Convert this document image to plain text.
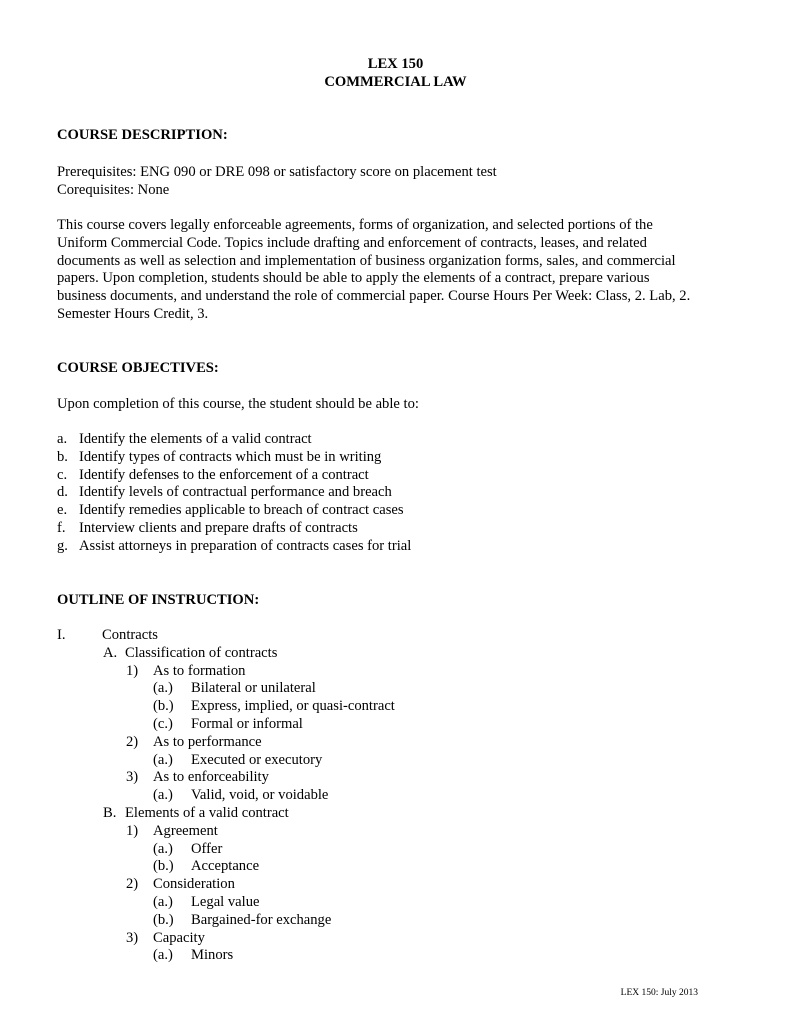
LEX 150
COMMERCIAL LAW
COURSE DESCRIPTION:
Prerequisites: ENG 090 or DRE 098 or satisfactory score on placement test
Corequisites: None

This course covers legally enforceable agreements, forms of organization, and selected portions of the

Uniform Commercial Code. Topics include drafting and enforcement of contracts, leases, and related

documents as well as selection and implementation of business organization forms, sales, and commercial

papers. Upon completion, students should be able to apply the elements of a contract, prepare various

business documents, and understand the role of commercial paper. Course Hours Per Week: Class, 2. Lab, 2.

Semester Hours Credit, 3.

COURSE OBJECTIVES:
Upon completion of this course, the student should be able to:
a. Identify the elements of a valid contract
b. Identify types of contracts which must be in writing
c. Identify defenses to the enforcement of a contract
d. Identify levels of contractual performance and breach
e. Identify remedies applicable to breach of contract cases
f. Interview clients and prepare drafts of contracts
g. Assist attorneys in preparation of contracts cases for trial
OUTLINE OF INSTRUCTION:
I. Contracts
A. Classification of contracts
1) As to formation
(a.) Bilateral or unilateral
(b.) Express, implied, or quasi-contract
(c.) Formal or informal
2) As to performance
(a.) Executed or executory
3) As to enforceability
(a.) Valid, void, or voidable
B. Elements of a valid contract
1) Agreement
(a.) Offer
(b.) Acceptance
2) Consideration
(a.) Legal value
(b.) Bargained-for exchange
3) Capacity
(a.) Minors
LEX 150: July 2013
